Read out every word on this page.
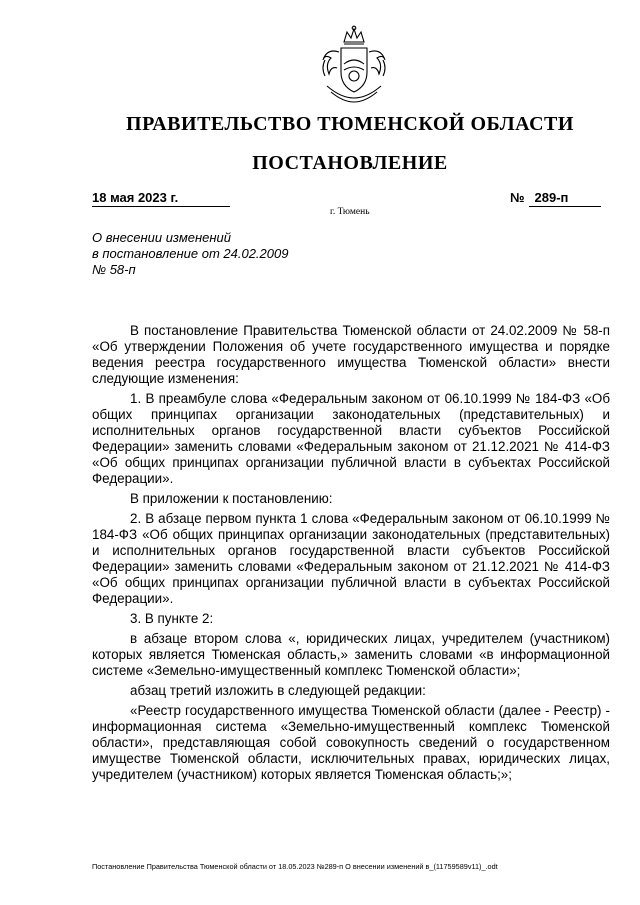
ПРАВИТЕЛЬСТВО ТЮМЕНСКОЙ ОБЛАСТИ
ПОСТАНОВЛЕНИЕ
18 мая 2023 г.	№ 289-п
г. Тюмень
О внесении изменений
в постановление от 24.02.2009
№ 58-п

В постановление Правительства Тюменской области от 24.02.2009 № 58-п «Об утверждении Положения об учете государственного имущества и порядке ведения реестра государственного имущества Тюменской области» внести следующие изменения:

1. В преамбуле слова «Федеральным законом от 06.10.1999 № 184-ФЗ «Об общих принципах организации законодательных (представительных) и исполнительных органов государственной власти субъектов Российской Федерации» заменить словами «Федеральным законом от 21.12.2021 № 414-ФЗ «Об общих принципах организации публичной власти в субъектах Российской Федерации».

В приложении к постановлению:

2. В абзаце первом пункта 1 слова «Федеральным законом от 06.10.1999 № 184-ФЗ «Об общих принципах организации законодательных (представительных) и исполнительных органов государственной власти субъектов Российской Федерации» заменить словами «Федеральным законом от 21.12.2021 № 414-ФЗ «Об общих принципах организации публичной власти в субъектах Российской Федерации».

3. В пункте 2:

в абзаце втором слова «, юридических лицах, учредителем (участником) которых является Тюменская область,» заменить словами «в информационной системе «Земельно-имущественный комплекс Тюменской области»;

абзац третий изложить в следующей редакции:

«Реестр государственного имущества Тюменской области (далее - Реестр) - информационная система «Земельно-имущественный комплекс Тюменской области», представляющая собой совокупность сведений о государственном имуществе Тюменской области, исключительных правах, юридических лицах, учредителем (участником) которых является Тюменская область;»;

Постановление Правительства Тюменской области от 18.05.2023 №289-п О внесении изменений в_(11759589v11)_.odt
